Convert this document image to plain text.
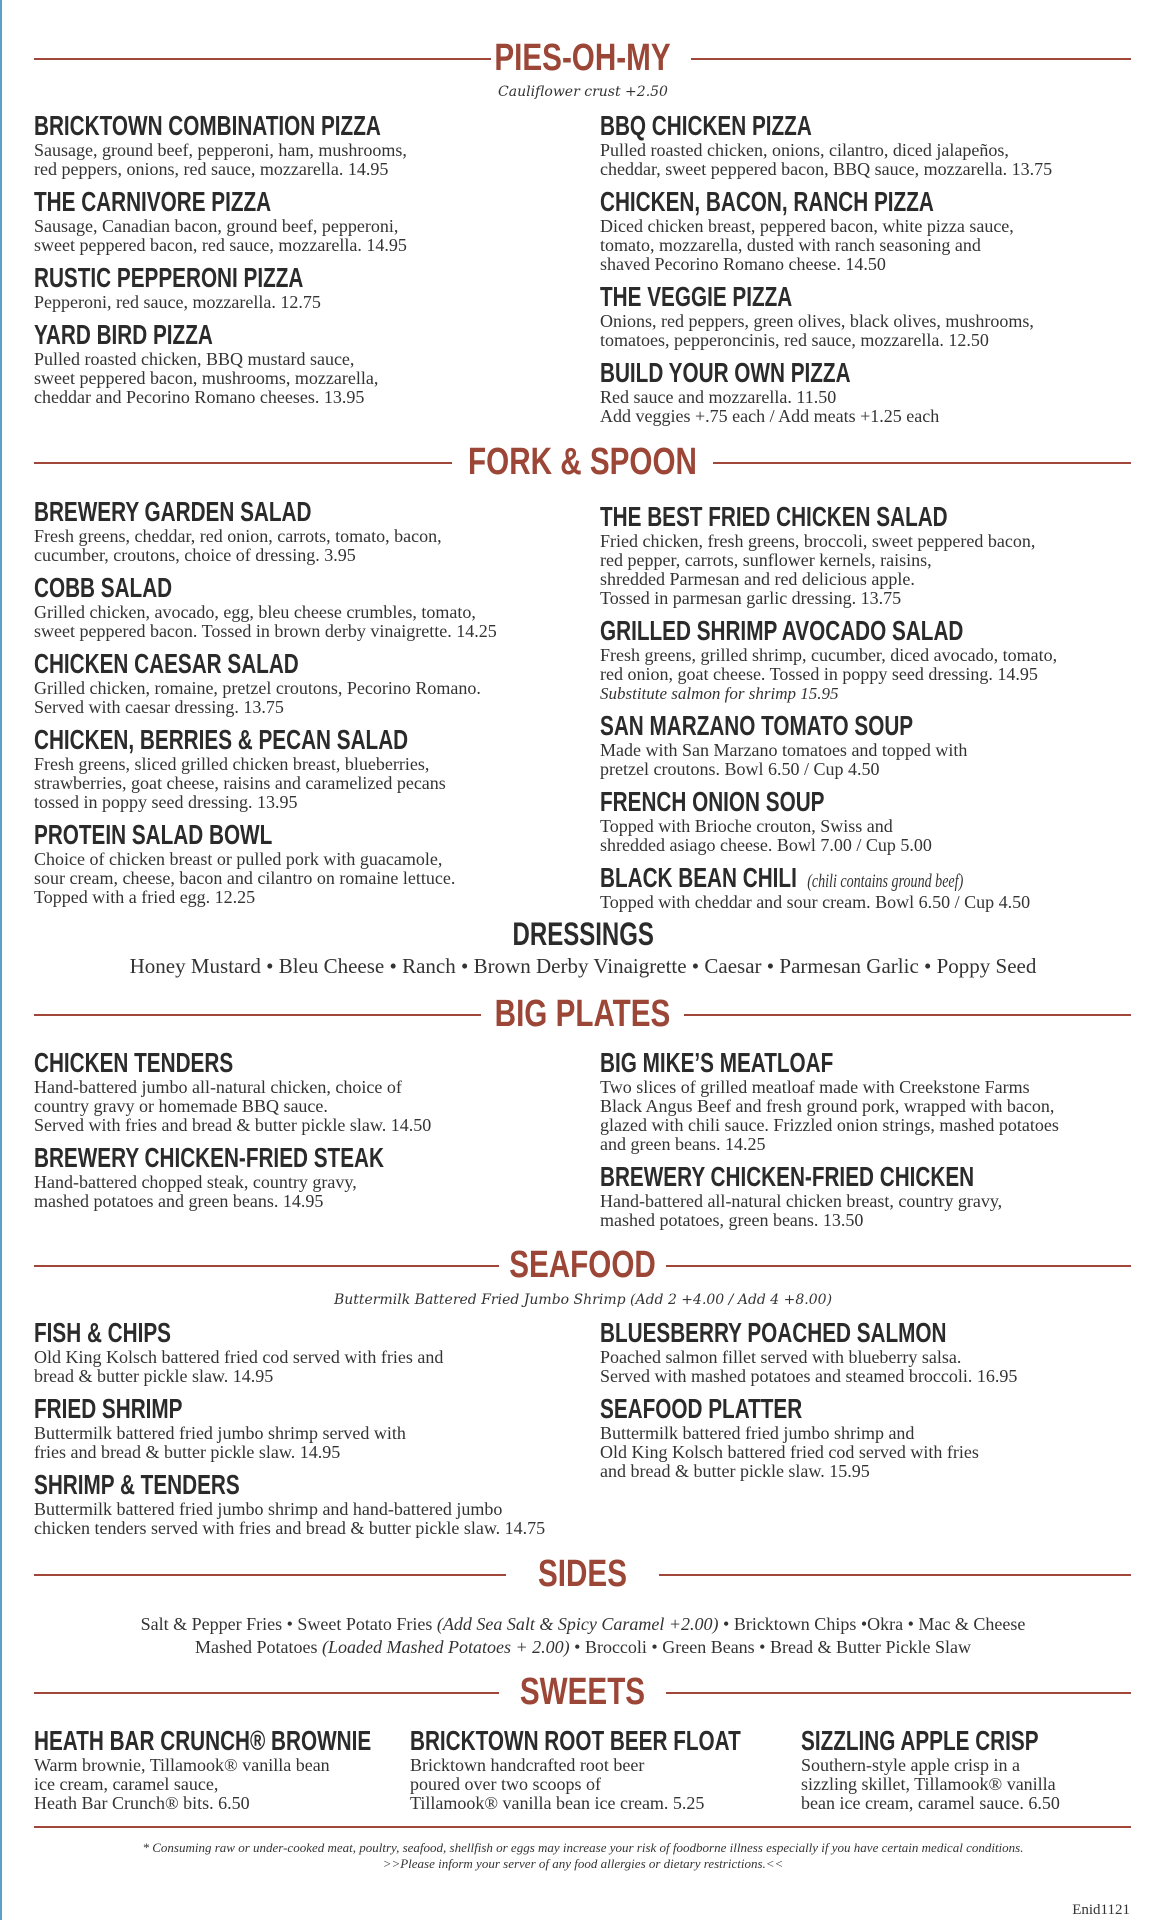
PIES-OH-MY
Cauliflower crust +2.50
BRICKTOWN COMBINATION PIZZA
Sausage, ground beef, pepperoni, ham, mushrooms,
red peppers, onions, red sauce, mozzarella. 14.95
THE CARNIVORE PIZZA
Sausage, Canadian bacon, ground beef, pepperoni,
sweet peppered bacon, red sauce, mozzarella. 14.95
RUSTIC PEPPERONI PIZZA
Pepperoni, red sauce, mozzarella. 12.75
YARD BIRD PIZZA
Pulled roasted chicken, BBQ mustard sauce,
sweet peppered bacon, mushrooms, mozzarella,
cheddar and Pecorino Romano cheeses. 13.95
BBQ CHICKEN PIZZA
Pulled roasted chicken, onions, cilantro, diced jalapeños,
cheddar, sweet peppered bacon, BBQ sauce, mozzarella. 13.75
CHICKEN, BACON, RANCH PIZZA
Diced chicken breast, peppered bacon, white pizza sauce,
tomato, mozzarella, dusted with ranch seasoning and
shaved Pecorino Romano cheese. 14.50
THE VEGGIE PIZZA
Onions, red peppers, green olives, black olives, mushrooms,
tomatoes, pepperoncinis, red sauce, mozzarella. 12.50
BUILD YOUR OWN PIZZA
Red sauce and mozzarella. 11.50
Add veggies +.75 each / Add meats +1.25 each
FORK & SPOON
BREWERY GARDEN SALAD
Fresh greens, cheddar, red onion, carrots, tomato, bacon,
cucumber, croutons, choice of dressing. 3.95
COBB SALAD
Grilled chicken, avocado, egg, bleu cheese crumbles, tomato,
sweet peppered bacon. Tossed in brown derby vinaigrette. 14.25
CHICKEN CAESAR SALAD
Grilled chicken, romaine, pretzel croutons, Pecorino Romano.
Served with caesar dressing. 13.75
CHICKEN, BERRIES & PECAN SALAD
Fresh greens, sliced grilled chicken breast, blueberries,
strawberries, goat cheese, raisins and caramelized pecans
tossed in poppy seed dressing. 13.95
PROTEIN SALAD BOWL
Choice of chicken breast or pulled pork with guacamole,
sour cream, cheese, bacon and cilantro on romaine lettuce.
Topped with a fried egg. 12.25
THE BEST FRIED CHICKEN SALAD
Fried chicken, fresh greens, broccoli, sweet peppered bacon,
red pepper, carrots, sunflower kernels, raisins,
shredded Parmesan and red delicious apple.
Tossed in parmesan garlic dressing. 13.75
GRILLED SHRIMP AVOCADO SALAD
Fresh greens, grilled shrimp, cucumber, diced avocado, tomato,
red onion, goat cheese. Tossed in poppy seed dressing. 14.95
Substitute salmon for shrimp 15.95
SAN MARZANO TOMATO SOUP
Made with San Marzano tomatoes and topped with
pretzel croutons. Bowl 6.50 / Cup 4.50
FRENCH ONION SOUP
Topped with Brioche crouton, Swiss and
shredded asiago cheese. Bowl 7.00 / Cup 5.00
BLACK BEAN CHILI (chili contains ground beef)
Topped with cheddar and sour cream. Bowl 6.50 / Cup 4.50
DRESSINGS
Honey Mustard • Bleu Cheese • Ranch • Brown Derby Vinaigrette • Caesar • Parmesan Garlic • Poppy Seed
BIG PLATES
CHICKEN TENDERS
Hand-battered jumbo all-natural chicken, choice of
country gravy or homemade BBQ sauce.
Served with fries and bread & butter pickle slaw. 14.50
BREWERY CHICKEN-FRIED STEAK
Hand-battered chopped steak, country gravy,
mashed potatoes and green beans. 14.95
BIG MIKE’S MEATLOAF
Two slices of grilled meatloaf made with Creekstone Farms
Black Angus Beef and fresh ground pork, wrapped with bacon,
glazed with chili sauce. Frizzled onion strings, mashed potatoes
and green beans. 14.25
BREWERY CHICKEN-FRIED CHICKEN
Hand-battered all-natural chicken breast, country gravy,
mashed potatoes, green beans. 13.50
SEAFOOD
Buttermilk Battered Fried Jumbo Shrimp (Add 2 +4.00 / Add 4 +8.00)
FISH & CHIPS
Old King Kolsch battered fried cod served with fries and
bread & butter pickle slaw. 14.95
FRIED SHRIMP
Buttermilk battered fried jumbo shrimp served with
fries and bread & butter pickle slaw. 14.95
SHRIMP & TENDERS
Buttermilk battered fried jumbo shrimp and hand-battered jumbo
chicken tenders served with fries and bread & butter pickle slaw. 14.75
BLUESBERRY POACHED SALMON
Poached salmon fillet served with blueberry salsa.
Served with mashed potatoes and steamed broccoli. 16.95
SEAFOOD PLATTER
Buttermilk battered fried jumbo shrimp and
Old King Kolsch battered fried cod served with fries
and bread & butter pickle slaw. 15.95
SIDES
Salt & Pepper Fries • Sweet Potato Fries (Add Sea Salt & Spicy Caramel +2.00) • Bricktown Chips •Okra • Mac & Cheese
Mashed Potatoes (Loaded Mashed Potatoes + 2.00) • Broccoli • Green Beans • Bread & Butter Pickle Slaw
SWEETS
HEATH BAR CRUNCH® BROWNIE
Warm brownie, Tillamook® vanilla bean
ice cream, caramel sauce,
Heath Bar Crunch® bits. 6.50
BRICKTOWN ROOT BEER FLOAT
Bricktown handcrafted root beer
poured over two scoops of
Tillamook® vanilla bean ice cream. 5.25
SIZZLING APPLE CRISP
Southern-style apple crisp in a
sizzling skillet, Tillamook® vanilla
bean ice cream, caramel sauce. 6.50
* Consuming raw or under-cooked meat, poultry, seafood, shellfish or eggs may increase your risk of foodborne illness especially if you have certain medical conditions.
>>Please inform your server of any food allergies or dietary restrictions.<<
Enid1121
